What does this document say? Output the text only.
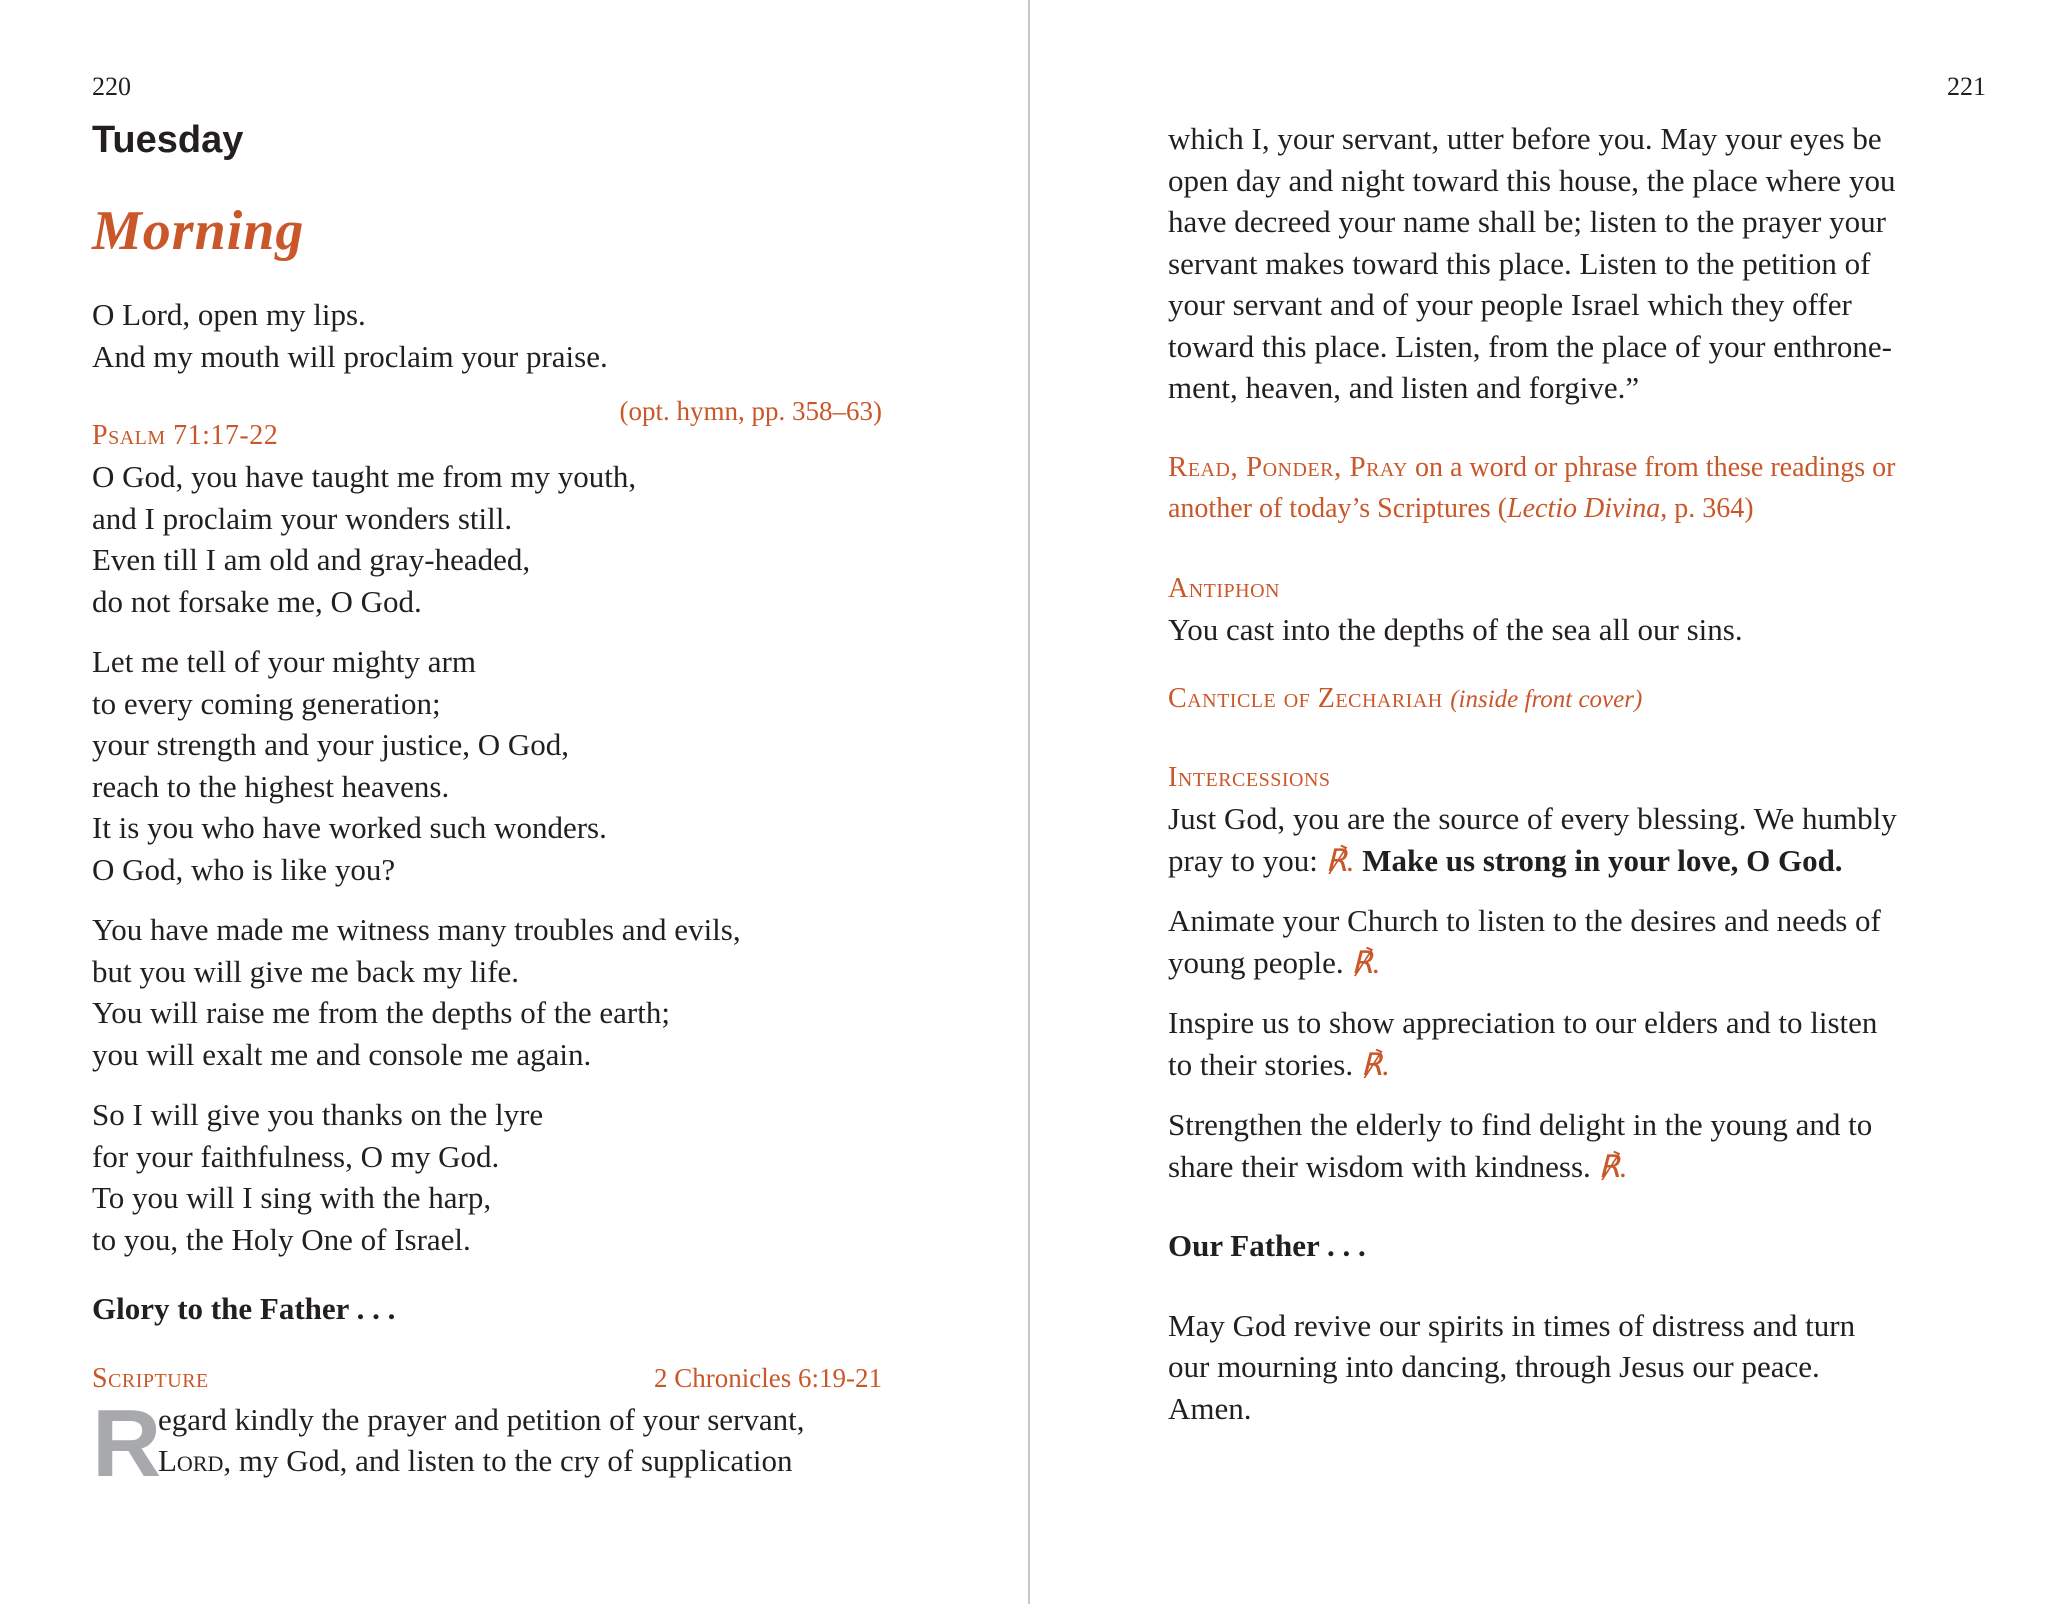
220
Tuesday
Morning

O Lord, open my lips.

And my mouth will proclaim your praise.

(opt. hymn, pp. 358–63)
Psalm 71:17-22

O God, you have taught me from my youth,

and I proclaim your wonders still.

Even till I am old and gray-headed,

do not forsake me, O God.

Let me tell of your mighty arm

to every coming generation;

your strength and your justice, O God,

reach to the highest heavens.

It is you who have worked such wonders.

O God, who is like you?

You have made me witness many troubles and evils,

but you will give me back my life.

You will raise me from the depths of the earth;

you will exalt me and console me again.

So I will give you thanks on the lyre

for your faithfulness, O my God.

To you will I sing with the harp,

to you, the Holy One of Israel.

Glory to the Father . . .

Scripture	2 Chronicles 6:19-21
R

egard kindly the prayer and petition of your servant,

Lord, my God, and listen to the cry of supplication

221

which I, your servant, utter before you. May your eyes be

open day and night toward this house, the place where you

have decreed your name shall be; listen to the prayer your

servant makes toward this place. Listen to the petition of

your servant and of your people Israel which they offer

toward this place. Listen, from the place of your enthrone-

ment, heaven, and listen and forgive.”

Read, Ponder, Pray on a word or phrase from these readings or

another of today’s Scriptures (Lectio Divina, p. 364)

Antiphon

You cast into the depths of the sea all our sins.

Canticle of Zechariah (inside front cover)
Intercessions

Just God, you are the source of every blessing. We humbly

pray to you: ℟. Make us strong in your love, O God.

Animate your Church to listen to the desires and needs of

young people. ℟.

Inspire us to show appreciation to our elders and to listen

to their stories. ℟.

Strengthen the elderly to find delight in the young and to

share their wisdom with kindness. ℟.

Our Father . . .

May God revive our spirits in times of distress and turn

our mourning into dancing, through Jesus our peace.

Amen.
